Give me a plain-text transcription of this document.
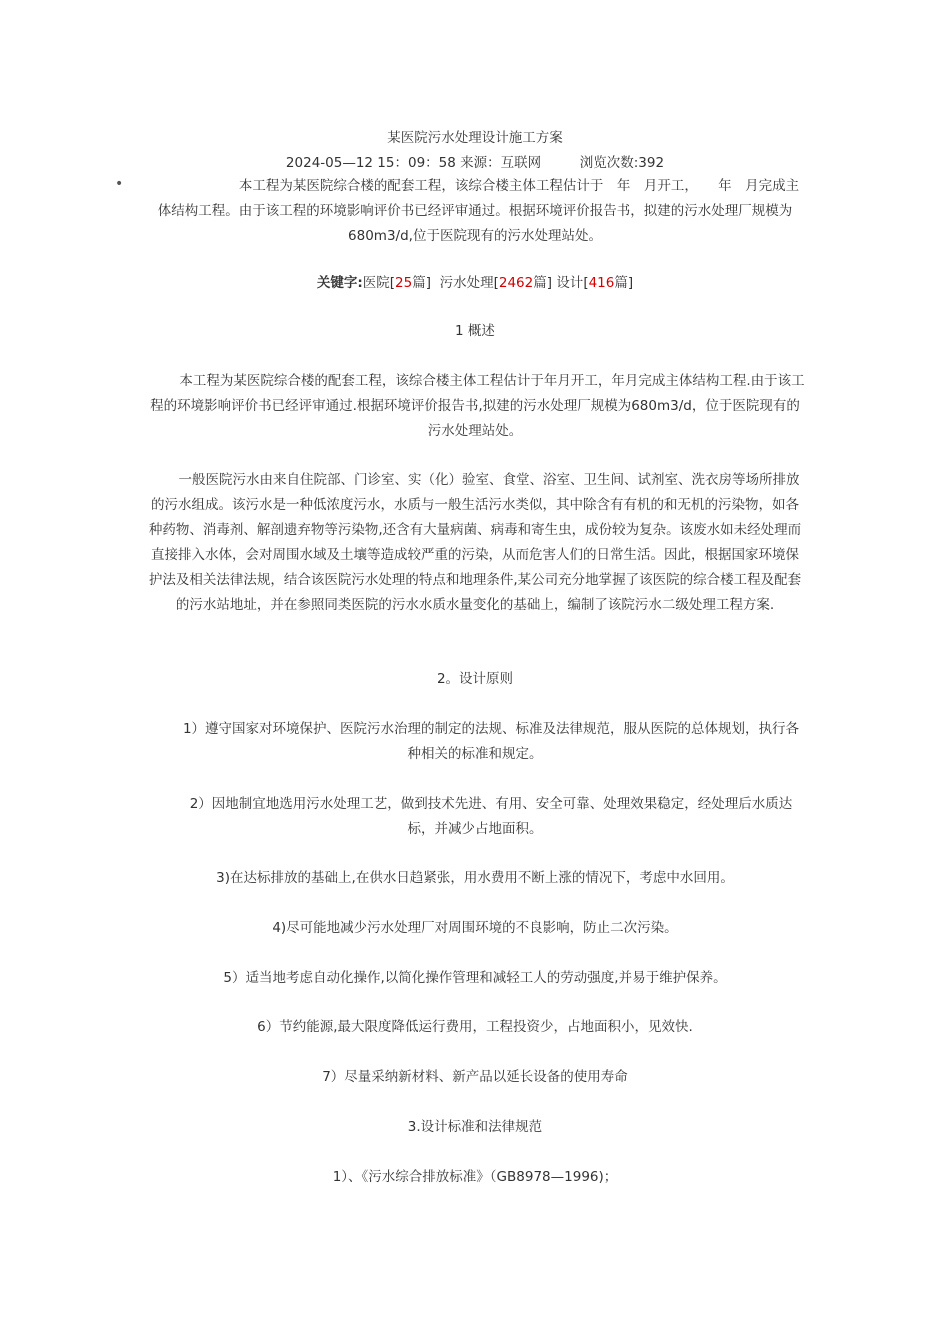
某医院污水处理设计施工方案
2024-05—12 15：09：58 来源：互联网	浏览次数:392
•	本工程为某医院综合楼的配套工程，该综合楼主体工程估计于　年　月开工，　　年　月完成主体结构工程。由于该工程的环境影响评价书已经评审通过。根据环境评价报告书，拟建的污水处理厂规模为680m3/d,位于医院现有的污水处理站处。
关键字:医院[25篇] 污水处理[2462篇] 设计[416篇]
1 概述
本工程为某医院综合楼的配套工程，该综合楼主体工程估计于年月开工，年月完成主体结构工程.由于该工程的环境影响评价书已经评审通过.根据环境评价报告书,拟建的污水处理厂规模为680m3/d，位于医院现有的污水处理站处。
一般医院污水由来自住院部、门诊室、实（化）验室、食堂、浴室、卫生间、试剂室、洗衣房等场所排放的污水组成。该污水是一种低浓度污水，水质与一般生活污水类似，其中除含有有机的和无机的污染物，如各种药物、消毒剂、解剖遗弃物等污染物,还含有大量病菌、病毒和寄生虫，成份较为复杂。该废水如未经处理而直接排入水体，会对周围水域及土壤等造成较严重的污染，从而危害人们的日常生活。因此，根据国家环境保护法及相关法律法规，结合该医院污水处理的特点和地理条件,某公司充分地掌握了该医院的综合楼工程及配套的污水站地址，并在参照同类医院的污水水质水量变化的基础上，编制了该院污水二级处理工程方案.
2。设计原则
1）遵守国家对环境保护、医院污水治理的制定的法规、标准及法律规范，服从医院的总体规划，执行各种相关的标准和规定。
2）因地制宜地选用污水处理工艺，做到技术先进、有用、安全可靠、处理效果稳定，经处理后水质达标，并减少占地面积。
3)在达标排放的基础上,在供水日趋紧张，用水费用不断上涨的情况下，考虑中水回用。
4)尽可能地减少污水处理厂对周围环境的不良影响，防止二次污染。
5）适当地考虑自动化操作,以简化操作管理和减轻工人的劳动强度,并易于维护保养。
6）节约能源,最大限度降低运行费用，工程投资少，占地面积小，见效快.
7）尽量采纳新材料、新产品以延长设备的使用寿命
3.设计标准和法律规范
1）、《污水综合排放标准》（GB8978—1996)；
